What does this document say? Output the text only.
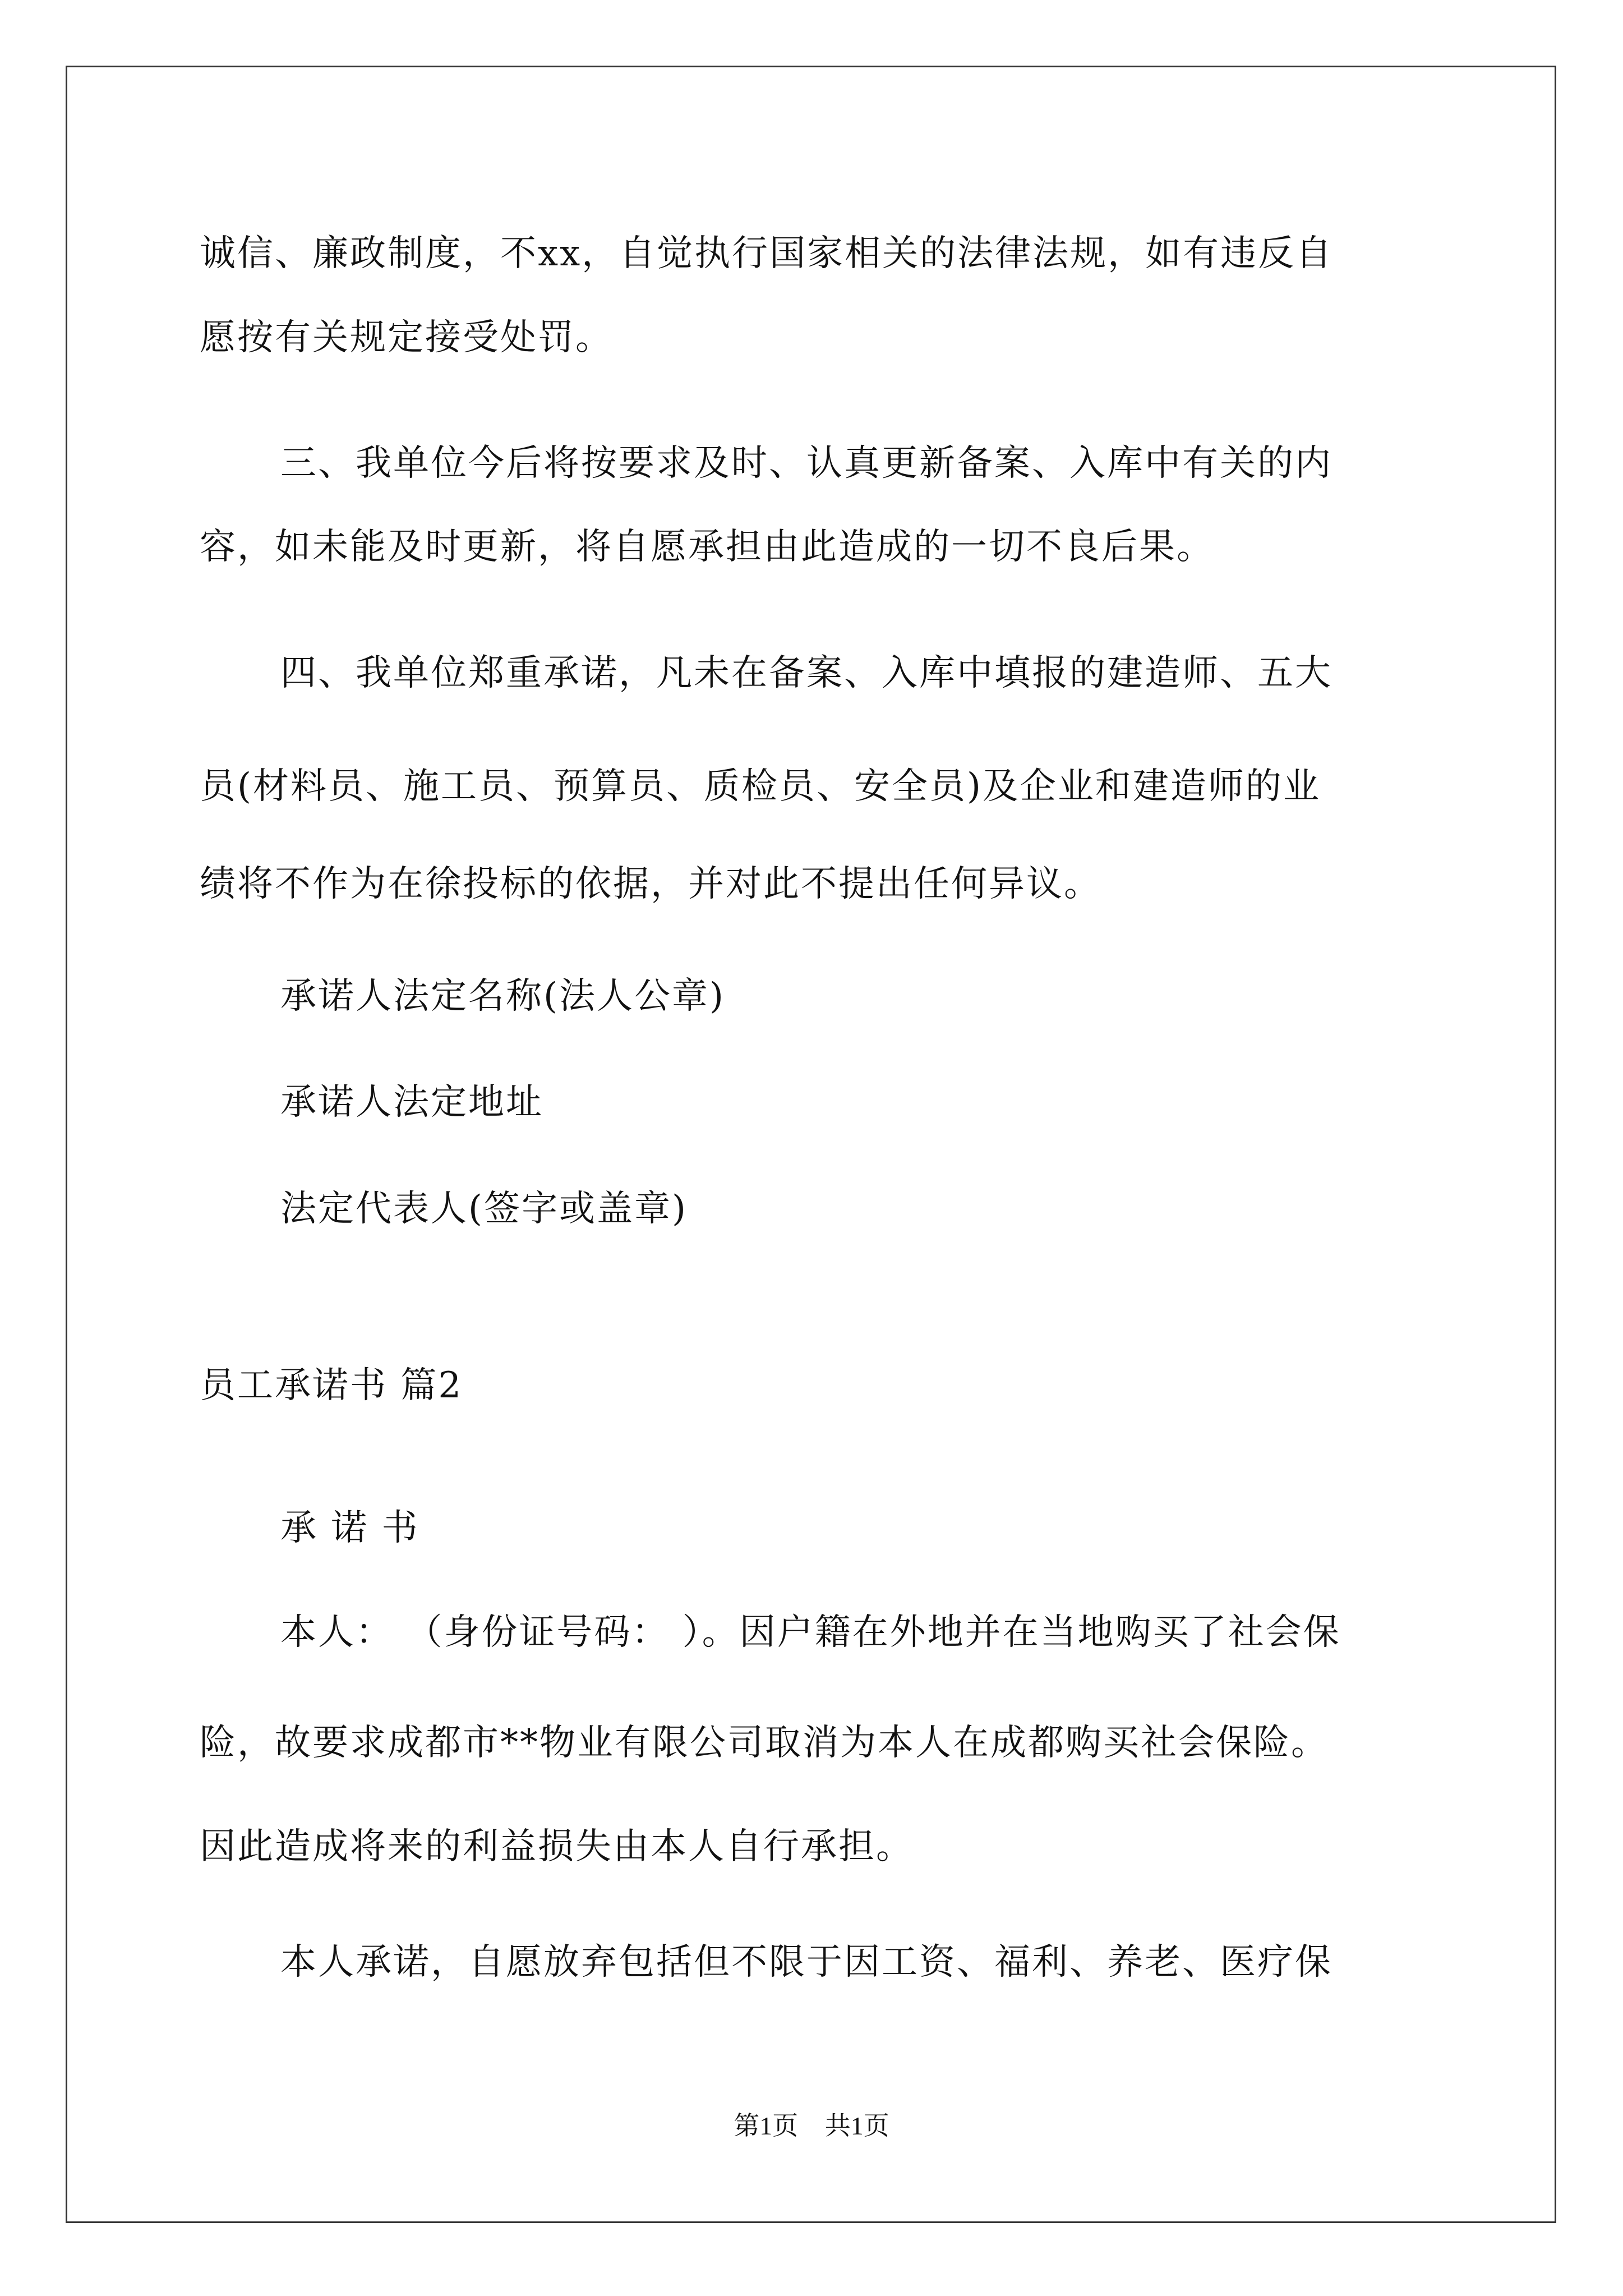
诚信、廉政制度，不xx，自觉执行国家相关的法律法规，如有违反自
愿按有关规定接受处罚。
三、我单位今后将按要求及时、认真更新备案、入库中有关的内
容，如未能及时更新，将自愿承担由此造成的一切不良后果。
四、我单位郑重承诺，凡未在备案、入库中填报的建造师、五大
员(材料员、施工员、预算员、质检员、安全员)及企业和建造师的业
绩将不作为在徐投标的依据，并对此不提出任何异议。
承诺人法定名称(法人公章)
承诺人法定地址
法定代表人(签字或盖章)
员工承诺书 篇2
承 诺 书
本人： （身份证号码： ）。因户籍在外地并在当地购买了社会保
险，故要求成都市**物业有限公司取消为本人在成都购买社会保险。
因此造成将来的利益损失由本人自行承担。
本人承诺，自愿放弃包括但不限于因工资、福利、养老、医疗保
第1页 共1页
